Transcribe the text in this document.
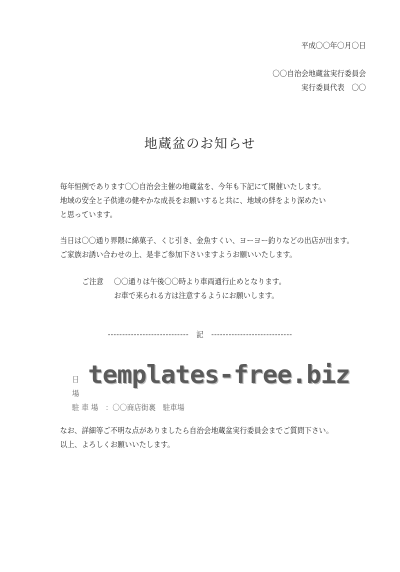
平成〇〇年〇月〇日
〇〇自治会地蔵盆実行委員会
実行委員代表　〇〇
地蔵盆のお知らせ
毎年恒例であります〇〇自治会主催の地蔵盆を、今年も下記にて開催いたします。
地域の安全と子供達の健やかな成長をお願いすると共に、地域の絆をより深めたい
と思っています。
当日は〇〇通り界隈に綿菓子、くじ引き、金魚すくい、ヨーヨー釣りなどの出店が出ます。
ご家族お誘い合わせの上、是非ご参加下さいますようお願いいたします。
ご注意 〇〇通りは午後〇〇時より車両通行止めとなります。
お車で来られる方は注意するようにお願いします。
----------------------------　記　----------------------------
日
場
駐 車 場　：〇〇商店街裏　駐車場
templates-free.biz
なお、詳細等ご不明な点がありましたら自治会地蔵盆実行委員会までご質問下さい。
以上、よろしくお願いいたします。
